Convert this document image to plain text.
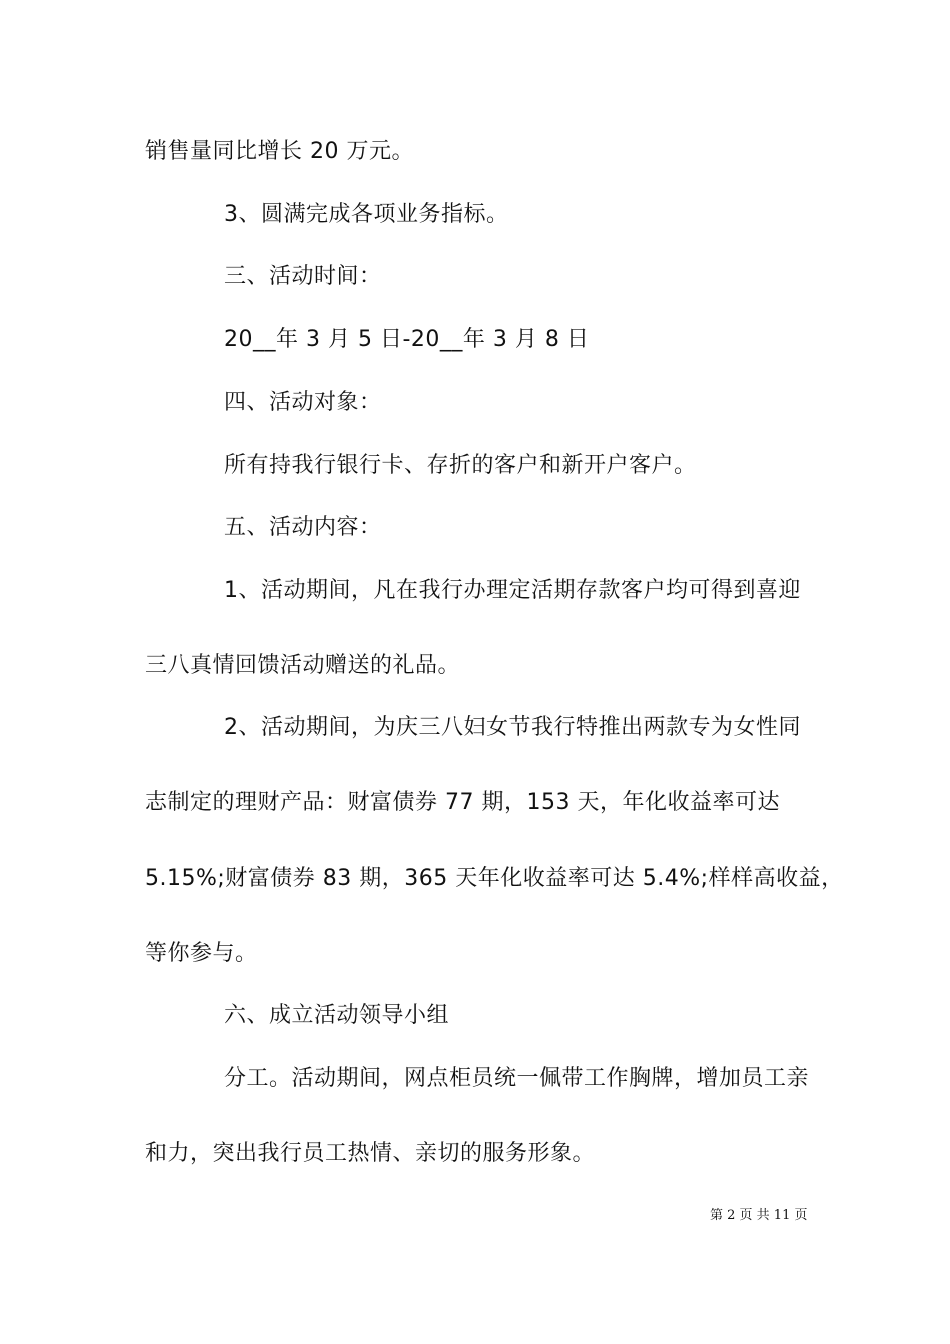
销售量同比增长 20 万元。
3、圆满完成各项业务指标。
三、活动时间：
20__年 3 月 5 日-20__年 3 月 8 日
四、活动对象：
所有持我行银行卡、存折的客户和新开户客户。
五、活动内容：
1、活动期间，凡在我行办理定活期存款客户均可得到喜迎
三八真情回馈活动赠送的礼品。
2、活动期间，为庆三八妇女节我行特推出两款专为女性同
志制定的理财产品：财富债券 77 期，153 天，年化收益率可达
5.15%;财富债券 83 期，365 天年化收益率可达 5.4%;样样高收益，
等你参与。
六、成立活动领导小组
分工。活动期间，网点柜员统一佩带工作胸牌，增加员工亲
和力，突出我行员工热情、亲切的服务形象。
第 2 页 共 11 页
